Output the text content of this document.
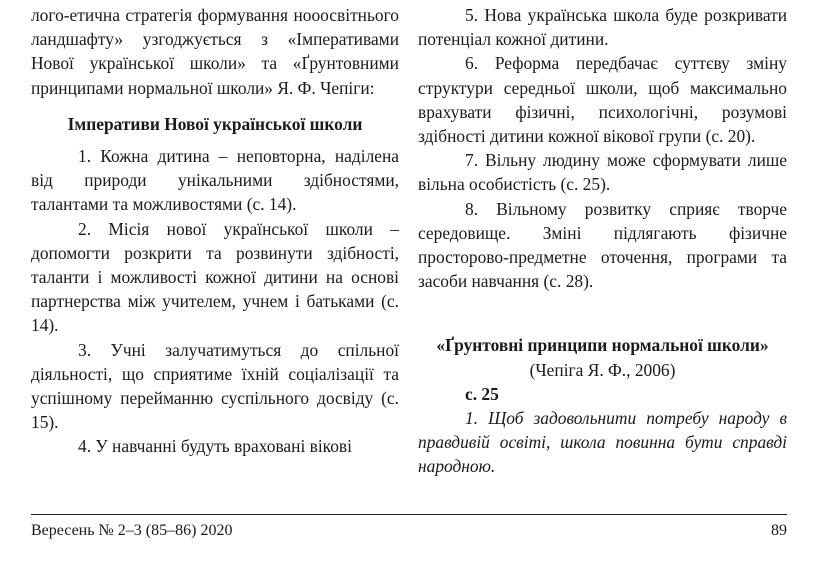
лого-етична стратегія формування нооосвітнього ландшафту» узгоджується з «Імперативами Нової української школи» та «Ґрунтовними принципами нормальної школи» Я. Ф. Чепіги:

Імперативи Нової української школи

1. Кожна дитина – неповторна, наділена від природи унікальними здібностями, талантами та можливостями (с. 14).

2. Місія нової української школи – допомогти розкрити та розвинути здібності, таланти і можливості кожної дитини на основі партнерства між учителем, учнем і батьками (с. 14).

3. Учні залучатимуться до спільної діяльності, що сприятиме їхній соціалізації та успішному перейманню суспільного досвіду (с. 15).

4. У навчанні будуть враховані вікові

5. Нова українська школа буде розкривати потенціал кожної дитини.

6. Реформа передбачає суттєву зміну структури середньої школи, щоб максимально врахувати фізичні, психологічні, розумові здібності дитини кожної вікової групи (с. 20).

7. Вільну людину може сформувати лише вільна особистість (с. 25).

8. Вільному розвитку сприяє творче середовище. Зміні підлягають фізичне просторово-предметне оточення, програми та засоби навчання (с. 28).

«Ґрунтовні принципи нормальної школи» (Чепіга Я. Ф., 2006)

с. 25

1. Щоб задовольнити потребу народу в правдивій освіті, школа повинна бути справді народною.

Вересень № 2–3 (85–86) 2020	89
